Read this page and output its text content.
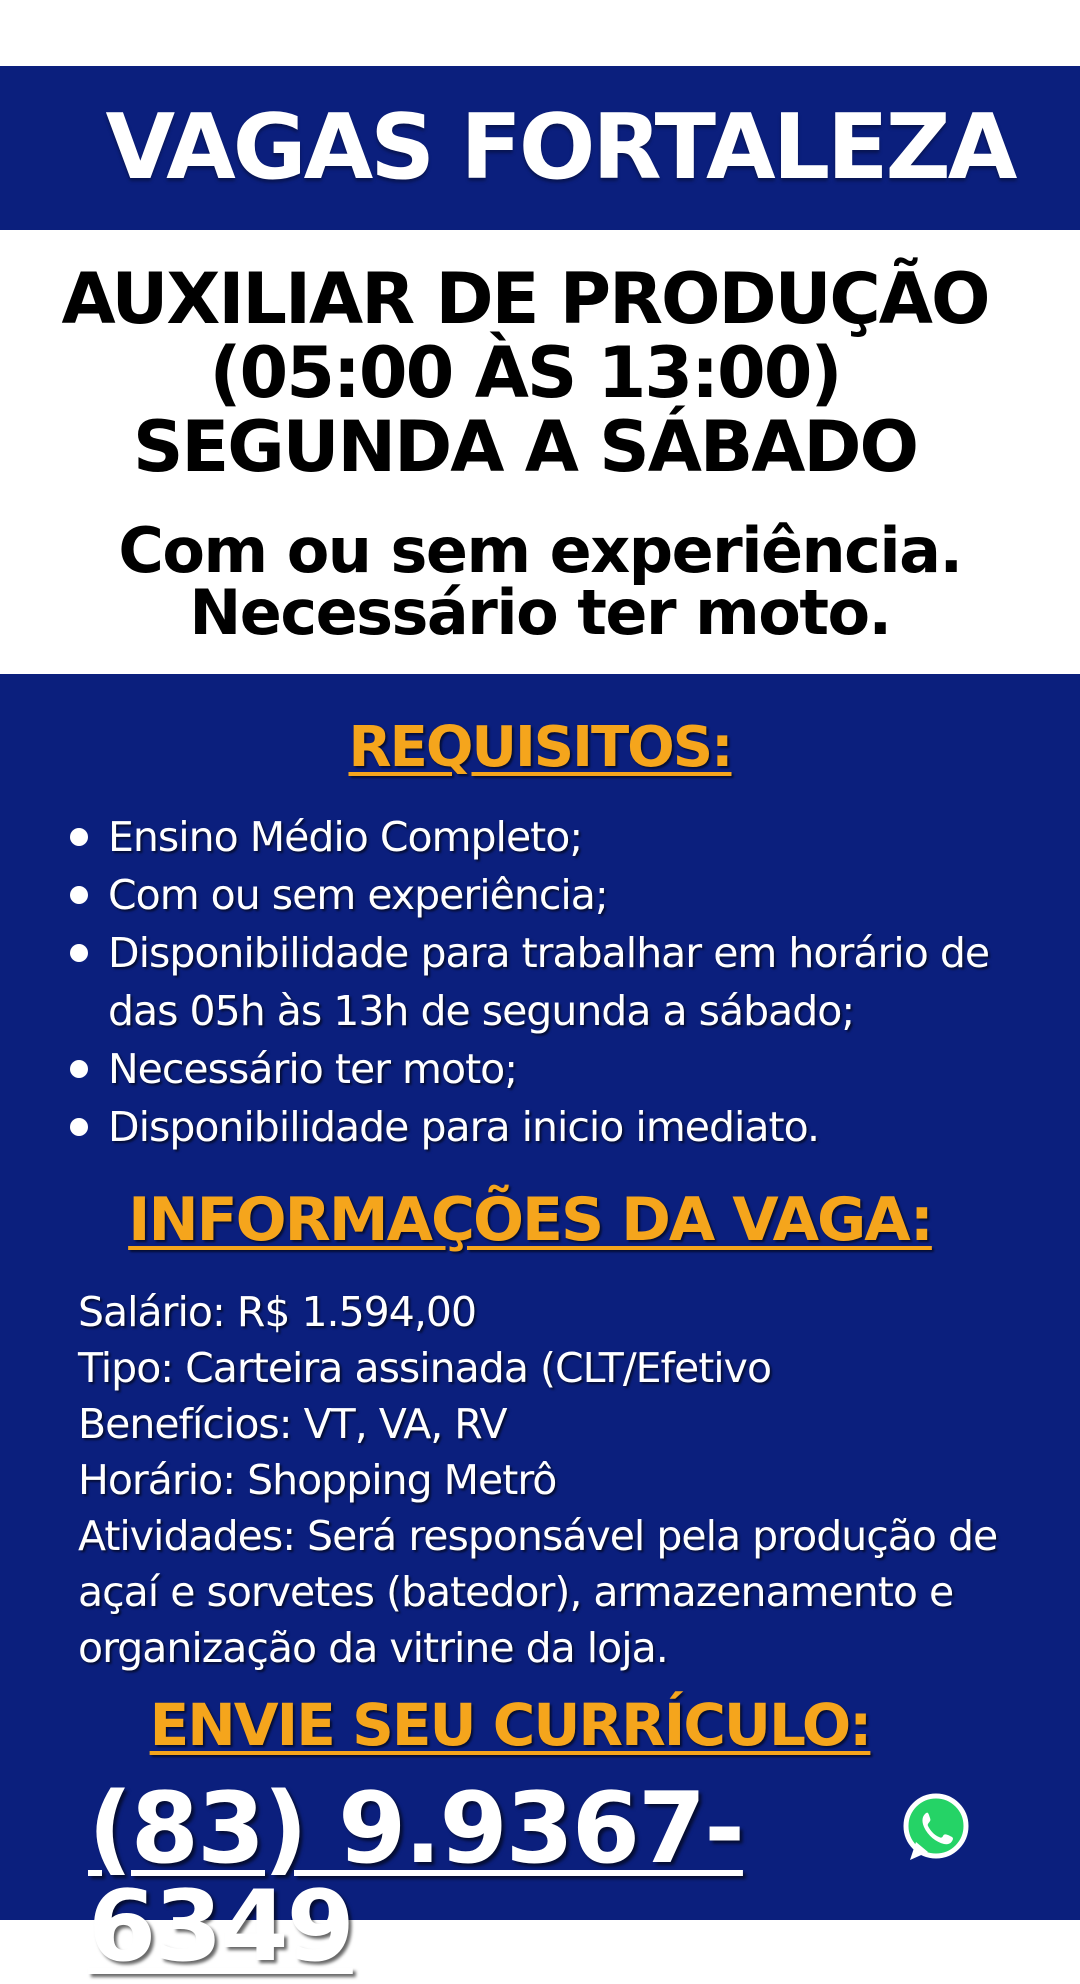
VAGAS FORTALEZA
AUXILIAR DE PRODUÇÃO
(05:00 ÀS 13:00)
SEGUNDA A SÁBADO
Com ou sem experiência.
Necessário ter moto.
REQUISITOS:
Ensino Médio Completo;
Com ou sem experiência;
Disponibilidade para trabalhar em horário de das 05h às 13h de segunda a sábado;
Necessário ter moto;
Disponibilidade para inicio imediato.
INFORMAÇÕES DA VAGA:
Salário: R$ 1.594,00
Tipo: Carteira assinada (CLT/Efetivo
Benefícios: VT, VA, RV
Horário: Shopping Metrô
Atividades: Será responsável pela produção de
açaí e sorvetes (batedor), armazenamento e
organização da vitrine da loja.
ENVIE SEU CURRÍCULO:
(83) 9.9367-6349
